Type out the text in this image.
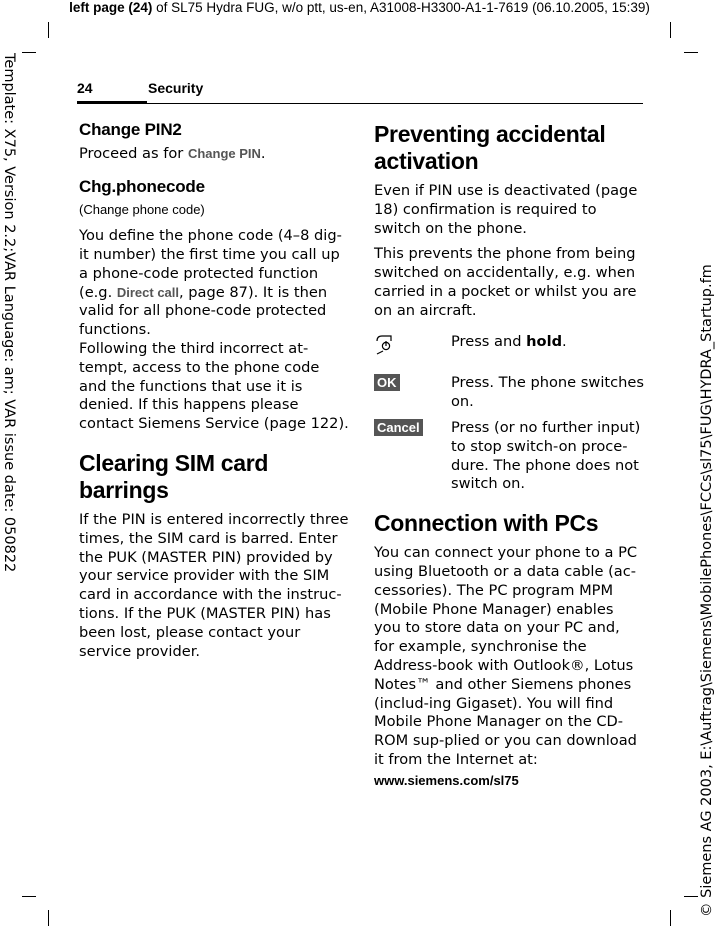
left page (24) of SL75 Hydra FUG, w/o ptt, us-en, A31008-H3300-A1-1-7619 (06.10.2005, 15:39)
Template: X75, Version 2.2;VAR Language: am; VAR issue date: 050822	© Siemens AG 2003, E:\Auftrag\Siemens\MobilePhones\FCCs\sl75\FUG\HYDRA_Startup.fm
24	Security
Change PIN2

Proceed as for Change PIN.

Chg.phonecode
(Change phone code)

You define the phone code (4–8 dig-it number) the first time you call up a phone-code protected function (e.g. Direct call, page 87). It is then valid for all phone-code protected functions.

Following the third incorrect at-tempt, access to the phone code and the functions that use it is denied. If this happens please contact Siemens Service (page 122).

Clearing SIM card barrings

If the PIN is entered incorrectly three times, the SIM card is barred. Enter the PUK (MASTER PIN) provided by your service provider with the SIM card in accordance with the instruc-tions. If the PUK (MASTER PIN) has been lost, please contact your service provider.

Preventing accidental activation

Even if PIN use is deactivated (page 18) confirmation is required to switch on the phone.

This prevents the phone from being switched on accidentally, e.g. when carried in a pocket or whilst you are on an aircraft.

Press and hold.
OK	Press. The phone switches on.
Cancel	Press (or no further input) to stop switch-on proce-dure. The phone does not switch on.
Connection with PCs

You can connect your phone to a PC using Bluetooth or a data cable (ac-cessories). The PC program MPM (Mobile Phone Manager) enables you to store data on your PC and, for example, synchronise the Address-book with Outlook®, Lotus Notes™ and other Siemens phones (includ-ing Gigaset). You will find Mobile Phone Manager on the CD-ROM sup-plied or you can download it from the Internet at:

www.siemens.com/sl75
